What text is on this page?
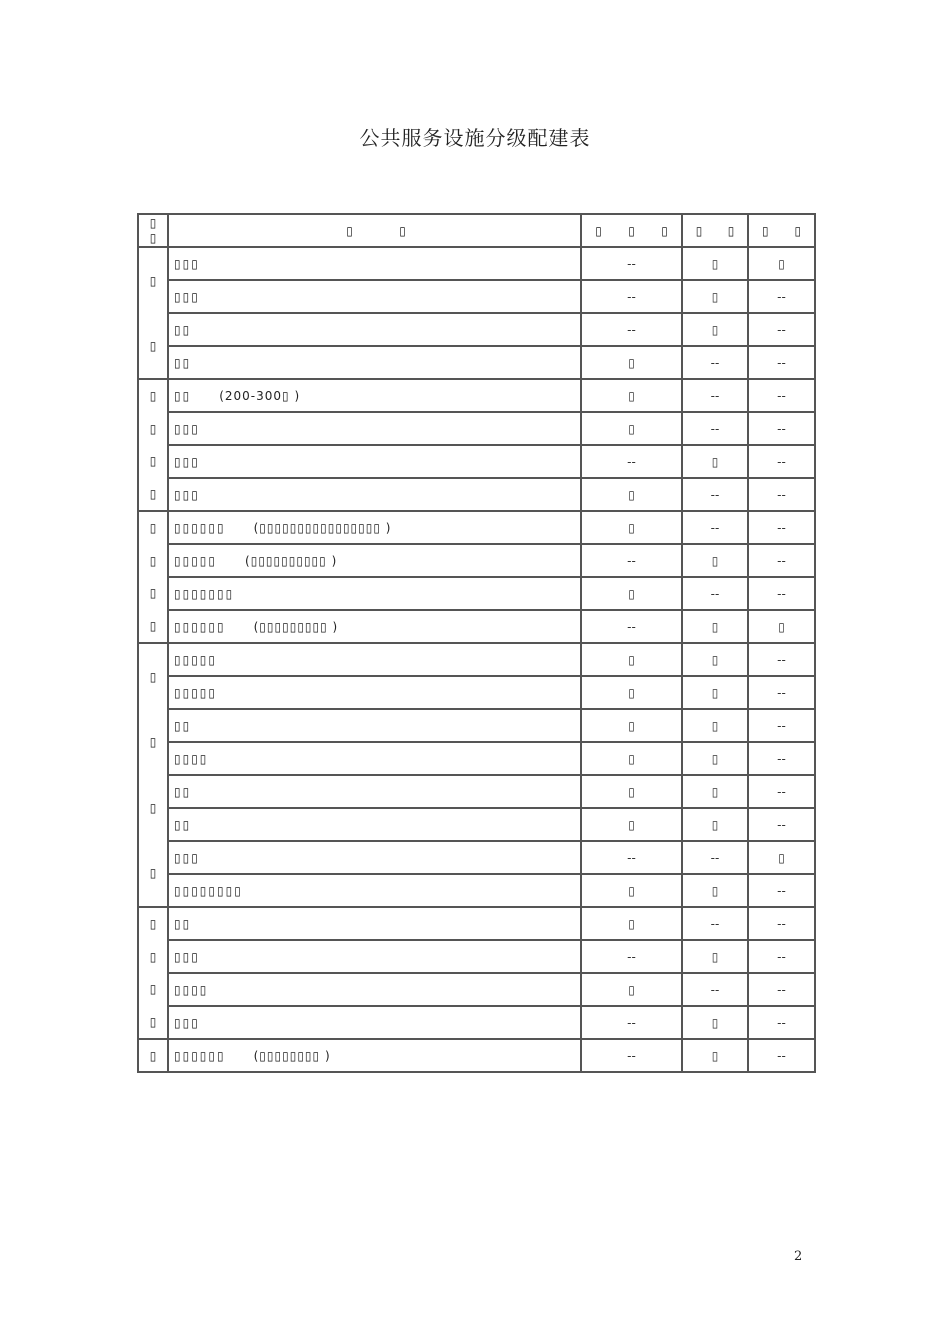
公共服务设施分级配建表
▯
▯	▯ ▯	▯ ▯ ▯	▯ ▯	▯ ▯

▯
▯	▯▯▯	--	▯	▯
	▯▯▯	--	▯	--
	▯▯	--	▯	--
	▯▯	▯	--	--

▯
▯
▯
▯	▯▯ (200-300▯ )	▯	--	--
	▯▯▯	▯	--	--
	▯▯▯	--	▯	--
	▯▯▯	▯	--	--

▯
▯
▯
▯	▯▯▯▯▯▯ (▯▯▯▯▯▯▯▯▯▯▯▯▯▯▯▯ )	▯	--	--
	▯▯▯▯▯ (▯▯▯▯▯▯▯▯▯▯ )	--	▯	--
	▯▯▯▯▯▯▯	▯	--	--
	▯▯▯▯▯▯ (▯▯▯▯▯▯▯▯▯ )	--	▯	▯

▯
▯
▯
▯	▯▯▯▯▯	▯	▯	--
	▯▯▯▯▯	▯	▯	--
	▯▯	▯	▯	--
	▯▯▯▯	▯	▯	--
	▯▯	▯	▯	--
	▯▯	▯	▯	--
	▯▯▯	--	--	▯
	▯▯▯▯▯▯▯▯	▯	▯	--

▯
▯
▯
▯	▯▯	▯	--	--
	▯▯▯	--	▯	--
	▯▯▯▯	▯	--	--
	▯▯▯	--	▯	--

▯	▯▯▯▯▯▯ (▯▯▯▯▯▯▯▯ )	--	▯	--
2
